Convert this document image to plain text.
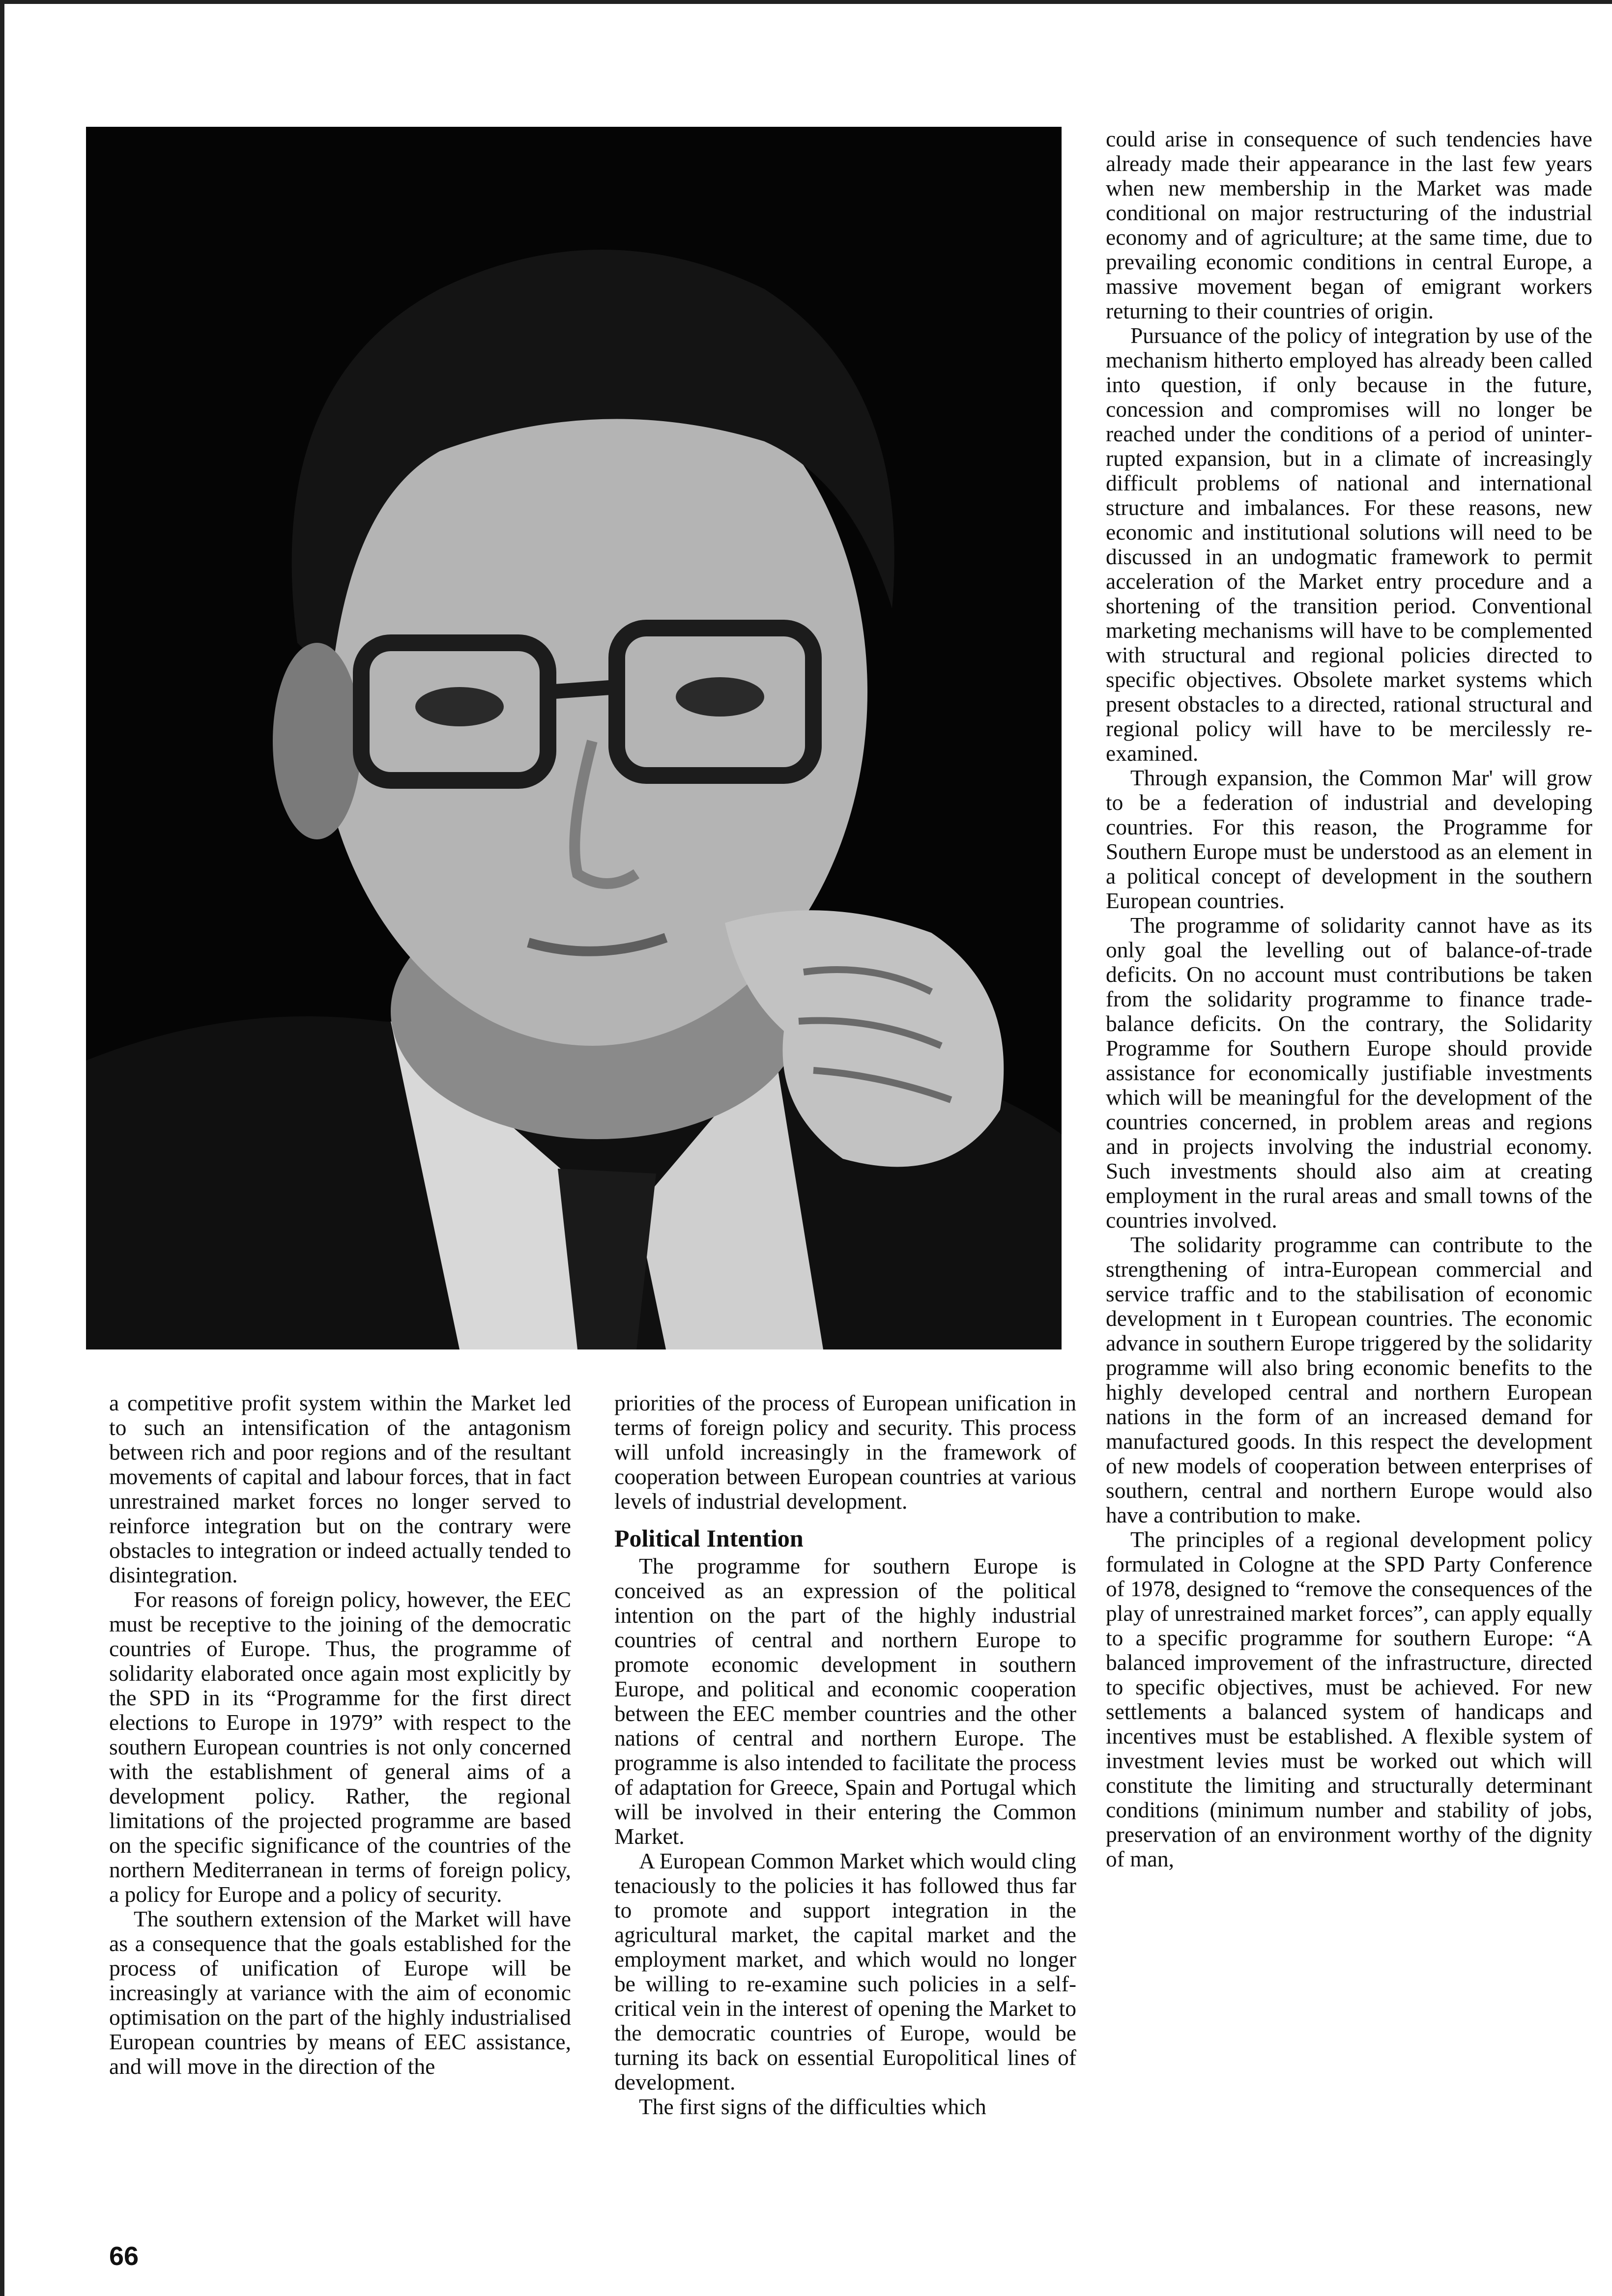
a competitive profit system within the Market led to such an intensification of the antagonism between rich and poor regions and of the resultant movements of capital and labour forces, that in fact unrestrained market forces no longer served to reinforce integration but on the contrary were obstacles to integration or indeed actually tended to disintegration.

For reasons of foreign policy, however, the EEC must be receptive to the joining of the democratic countries of Europe. Thus, the programme of solidarity elaborated once again most explicitly by the SPD in its “Programme for the first direct elections to Europe in 1979” with respect to the southern European countries is not only concerned with the establishment of general aims of a development policy. Rather, the regional limitations of the projected programme are based on the specific significance of the countries of the northern Mediterranean in terms of foreign policy, a policy for Europe and a policy of security.

The southern extension of the Market will have as a consequence that the goals established for the process of unification of Europe will be increasingly at variance with the aim of economic optimisation on the part of the highly industrialised European countries by means of EEC assistance, and will move in the direction of the

priorities of the process of European unification in terms of foreign policy and security. This process will unfold increasingly in the framework of cooperation between European countries at various levels of industrial development.

Political Intention

The programme for southern Europe is conceived as an expression of the political intention on the part of the highly industrial countries of central and northern Europe to promote economic development in southern Europe, and political and economic cooperation between the EEC member countries and the other nations of central and northern Europe. The programme is also intended to facilitate the process of adaptation for Greece, Spain and Portugal which will be involved in their entering the Common Market.

A European Common Market which would cling tenaciously to the policies it has followed thus far to promote and support integration in the agricultural market, the capital market and the employment market, and which would no longer be willing to re-examine such policies in a self-critical vein in the interest of opening the Market to the democratic countries of Europe, would be turning its back on essential Europolitical lines of development.

The first signs of the difficulties which

could arise in consequence of such tendencies have already made their appearance in the last few years when new membership in the Market was made conditional on major restructuring of the industrial economy and of agriculture; at the same time, due to prevailing economic conditions in central Europe, a massive movement began of emigrant workers returning to their countries of origin.

Pursuance of the policy of integration by use of the mechanism hitherto employed has already been called into question, if only because in the future, concession and compromises will no longer be reached under the conditions of a period of uninterrupted expansion, but in a climate of increasingly difficult problems of national and international structure and imbalances. For these reasons, new economic and institutional solutions will need to be discussed in an undogmatic framework to permit acceleration of the Market entry procedure and a shortening of the transition period. Conventional marketing mechanisms will have to be complemented with structural and regional policies directed to specific objectives. Obsolete market systems which present obstacles to a directed, rational structural and regional policy will have to be mercilessly re-examined.

Through expansion, the Common Mar' will grow to be a federation of industrial and developing countries. For this reason, the Programme for Southern Europe must be understood as an element in a political concept of development in the southern European countries.

The programme of solidarity cannot have as its only goal the levelling out of balance-of-trade deficits. On no account must contributions be taken from the solidarity programme to finance trade-balance deficits. On the contrary, the Solidarity Programme for Southern Europe should provide assistance for economically justifiable investments which will be meaningful for the development of the countries concerned, in problem areas and regions and in projects involving the industrial economy. Such investments should also aim at creating employment in the rural areas and small towns of the countries involved.

The solidarity programme can contribute to the strengthening of intra-European commercial and service traffic and to the stabilisation of economic development in t European countries. The economic advance in southern Europe triggered by the solidarity programme will also bring economic benefits to the highly developed central and northern European nations in the form of an increased demand for manufactured goods. In this respect the development of new models of cooperation between enterprises of southern, central and northern Europe would also have a contribution to make.

The principles of a regional development policy formulated in Cologne at the SPD Party Conference of 1978, designed to “remove the consequences of the play of unrestrained market forces”, can apply equally to a specific programme for southern Europe: “A balanced improvement of the infrastructure, directed to specific objectives, must be achieved. For new settlements a balanced system of handicaps and incentives must be established. A flexible system of investment levies must be worked out which will constitute the limiting and structurally determinant conditions (minimum number and stability of jobs, preservation of an environment worthy of the dignity of man,

66
